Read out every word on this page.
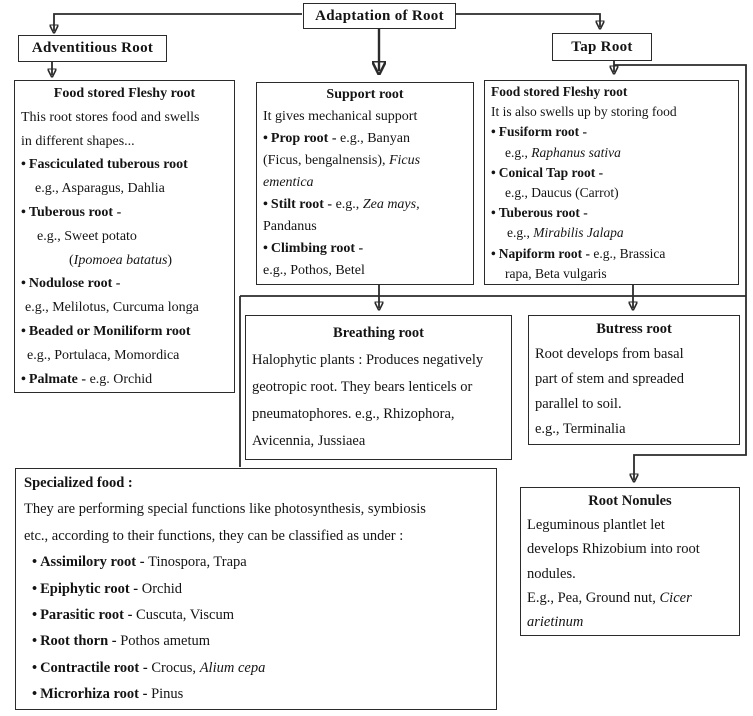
Adaptation of Root
Adventitious Root	Tap Root
Food stored Fleshy root
This root stores food and swells
in different shapes...
• Fasciculated tuberous root
e.g., Asparagus, Dahlia
• Tuberous root -
e.g., Sweet potato
(Ipomoea batatus)
• Nodulose root -
e.g., Melilotus, Curcuma longa
• Beaded or Moniliform root
e.g., Portulaca, Momordica
• Palmate - e.g. Orchid
Support root
It gives mechanical support
• Prop root - e.g., Banyan
(Ficus, bengalnensis), Ficus
ementica
• Stilt root - e.g., Zea mays,
Pandanus
• Climbing root -
e.g., Pothos, Betel
Food stored Fleshy root
It is also swells up by storing food
• Fusiform root -
e.g., Raphanus sativa
• Conical Tap root -
e.g., Daucus (Carrot)
• Tuberous root -
e.g., Mirabilis Jalapa
• Napiform root - e.g., Brassica
rapa, Beta vulgaris
Breathing root
Halophytic plants : Produces negatively
geotropic root. They bears lenticels or
pneumatophores. e.g., Rhizophora,
Avicennia, Jussiaea
Butress root
Root develops from basal
part of stem and spreaded
parallel to soil.
e.g., Terminalia
Specialized food :
They are performing special functions like photosynthesis, symbiosis
etc., according to their functions, they can be classified as under :
• Assimilory root - Tinospora, Trapa
• Epiphytic root - Orchid
• Parasitic root - Cuscuta, Viscum
• Root thorn - Pothos ametum
• Contractile root - Crocus, Alium cepa
• Microrhiza root - Pinus
Root Nonules
Leguminous plantlet let
develops Rhizobium into root
nodules.
E.g., Pea, Ground nut, Cicer
arietinum
